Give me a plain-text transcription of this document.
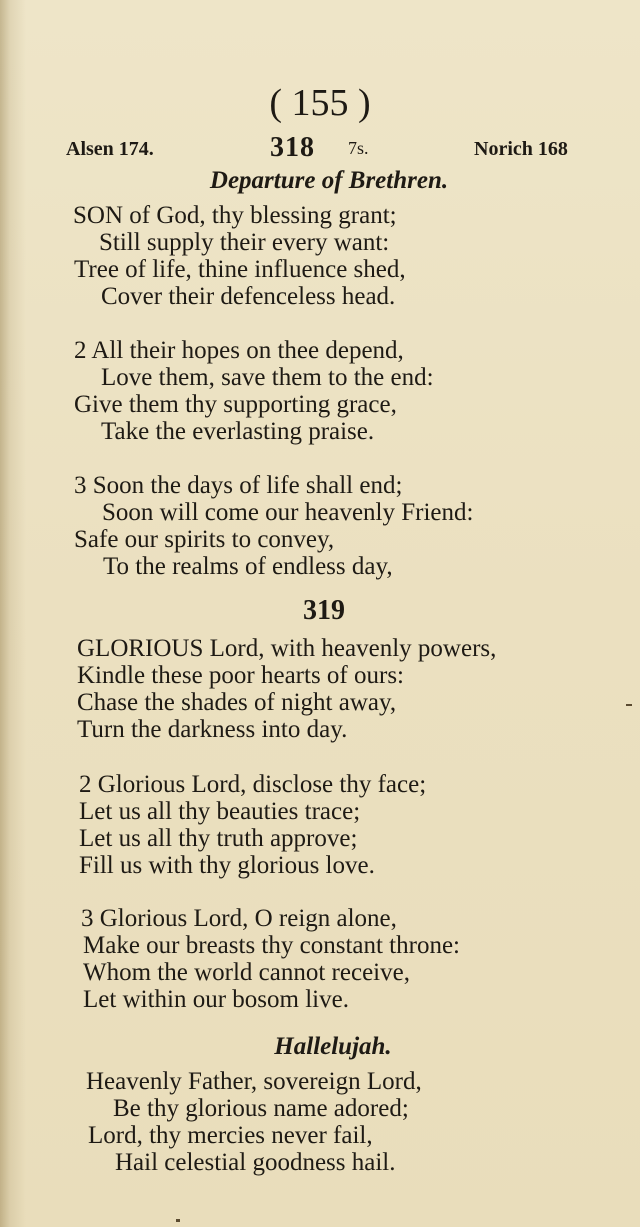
( 155 )
Alsen 174.	318 7s.	Norich 168
Departure of Brethren.
SON of God, thy blessing grant;
Still supply their every want:
Tree of life, thine influence shed,
Cover their defenceless head.
2 All their hopes on thee depend,
Love them, save them to the end:
Give them thy supporting grace,
Take the everlasting praise.
3 Soon the days of life shall end;
Soon will come our heavenly Friend:
Safe our spirits to convey,
To the realms of endless day,
319
GLORIOUS Lord, with heavenly powers,
Kindle these poor hearts of ours:
Chase the shades of night away,
Turn the darkness into day.
2 Glorious Lord, disclose thy face;
Let us all thy beauties trace;
Let us all thy truth approve;
Fill us with thy glorious love.
3 Glorious Lord, O reign alone,
Make our breasts thy constant throne:
Whom the world cannot receive,
Let within our bosom live.
Hallelujah.
Heavenly Father, sovereign Lord,
Be thy glorious name adored;
Lord, thy mercies never fail,
Hail celestial goodness hail.
